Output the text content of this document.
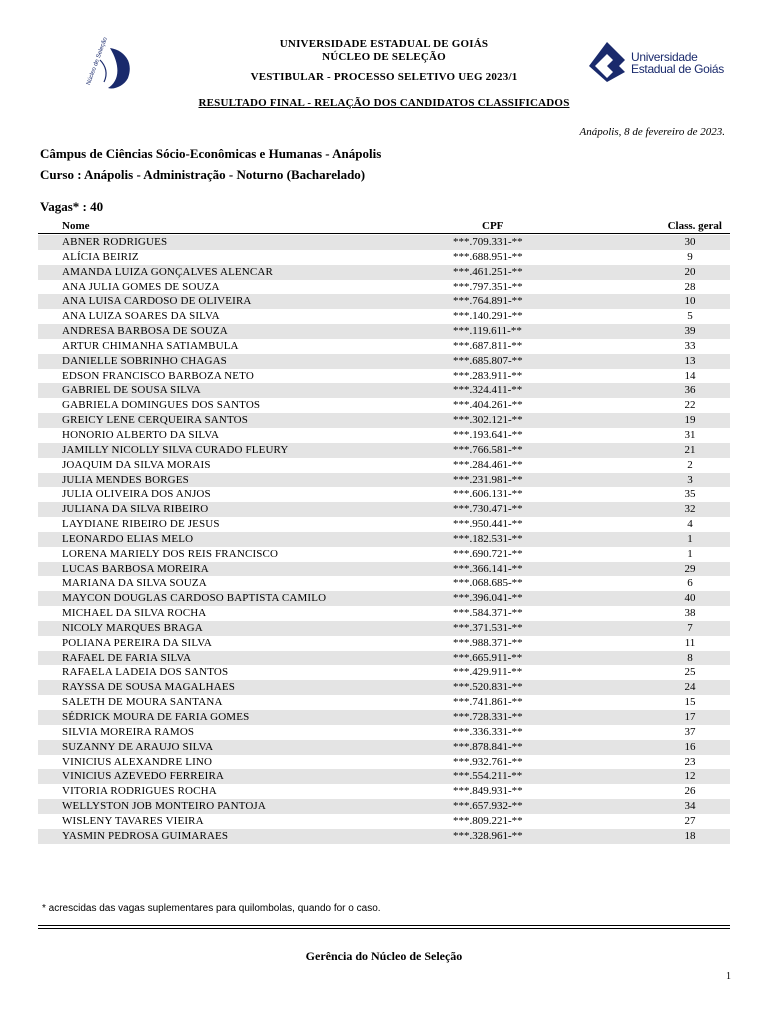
Núcleo de Seleção	Universidade
Estadual de Goiás
UNIVERSIDADE ESTADUAL DE GOIÁS
NÚCLEO DE SELEÇÃO
VESTIBULAR - PROCESSO SELETIVO UEG 2023/1
RESULTADO FINAL - RELAÇÃO DOS CANDIDATOS CLASSIFICADOS
Anápolis, 8 de fevereiro de 2023.
Câmpus de Ciências Sócio-Econômicas e Humanas - Anápolis
Curso : Anápolis - Administração - Noturno (Bacharelado)
Vagas* : 40
Nome	CPF	Class. geral
ABNER RODRIGUES	***.709.331-**	30
ALÍCIA BEIRIZ	***.688.951-**	9
AMANDA LUIZA GONÇALVES ALENCAR	***.461.251-**	20
ANA JULIA GOMES DE SOUZA	***.797.351-**	28
ANA LUISA CARDOSO DE OLIVEIRA	***.764.891-**	10
ANA LUIZA SOARES DA SILVA	***.140.291-**	5
ANDRESA BARBOSA DE SOUZA	***.119.611-**	39
ARTUR CHIMANHA SATIAMBULA	***.687.811-**	33
DANIELLE SOBRINHO CHAGAS	***.685.807-**	13
EDSON FRANCISCO BARBOZA NETO	***.283.911-**	14
GABRIEL DE SOUSA SILVA	***.324.411-**	36
GABRIELA DOMINGUES DOS SANTOS	***.404.261-**	22
GREICY LENE CERQUEIRA SANTOS	***.302.121-**	19
HONORIO ALBERTO DA SILVA	***.193.641-**	31
JAMILLY NICOLLY SILVA CURADO FLEURY	***.766.581-**	21
JOAQUIM DA SILVA MORAIS	***.284.461-**	2
JULIA MENDES BORGES	***.231.981-**	3
JULIA OLIVEIRA DOS ANJOS	***.606.131-**	35
JULIANA DA SILVA RIBEIRO	***.730.471-**	32
LAYDIANE RIBEIRO DE JESUS	***.950.441-**	4
LEONARDO ELIAS MELO	***.182.531-**	1
LORENA MARIELY DOS REIS FRANCISCO	***.690.721-**	1
LUCAS BARBOSA MOREIRA	***.366.141-**	29
MARIANA DA SILVA SOUZA	***.068.685-**	6
MAYCON DOUGLAS CARDOSO BAPTISTA CAMILO	***.396.041-**	40
MICHAEL DA SILVA ROCHA	***.584.371-**	38
NICOLY MARQUES BRAGA	***.371.531-**	7
POLIANA PEREIRA DA SILVA	***.988.371-**	11
RAFAEL DE FARIA SILVA	***.665.911-**	8
RAFAELA LADEIA DOS SANTOS	***.429.911-**	25
RAYSSA DE SOUSA MAGALHAES	***.520.831-**	24
SALETH DE MOURA SANTANA	***.741.861-**	15
SÉDRICK MOURA DE FARIA GOMES	***.728.331-**	17
SILVIA MOREIRA RAMOS	***.336.331-**	37
SUZANNY DE ARAUJO SILVA	***.878.841-**	16
VINICIUS ALEXANDRE LINO	***.932.761-**	23
VINICIUS AZEVEDO FERREIRA	***.554.211-**	12
VITORIA RODRIGUES ROCHA	***.849.931-**	26
WELLYSTON JOB MONTEIRO PANTOJA	***.657.932-**	34
WISLENY TAVARES VIEIRA	***.809.221-**	27
YASMIN PEDROSA GUIMARAES	***.328.961-**	18
* acrescidas das vagas suplementares para quilombolas, quando for o caso.
Gerência do Núcleo de Seleção
1
